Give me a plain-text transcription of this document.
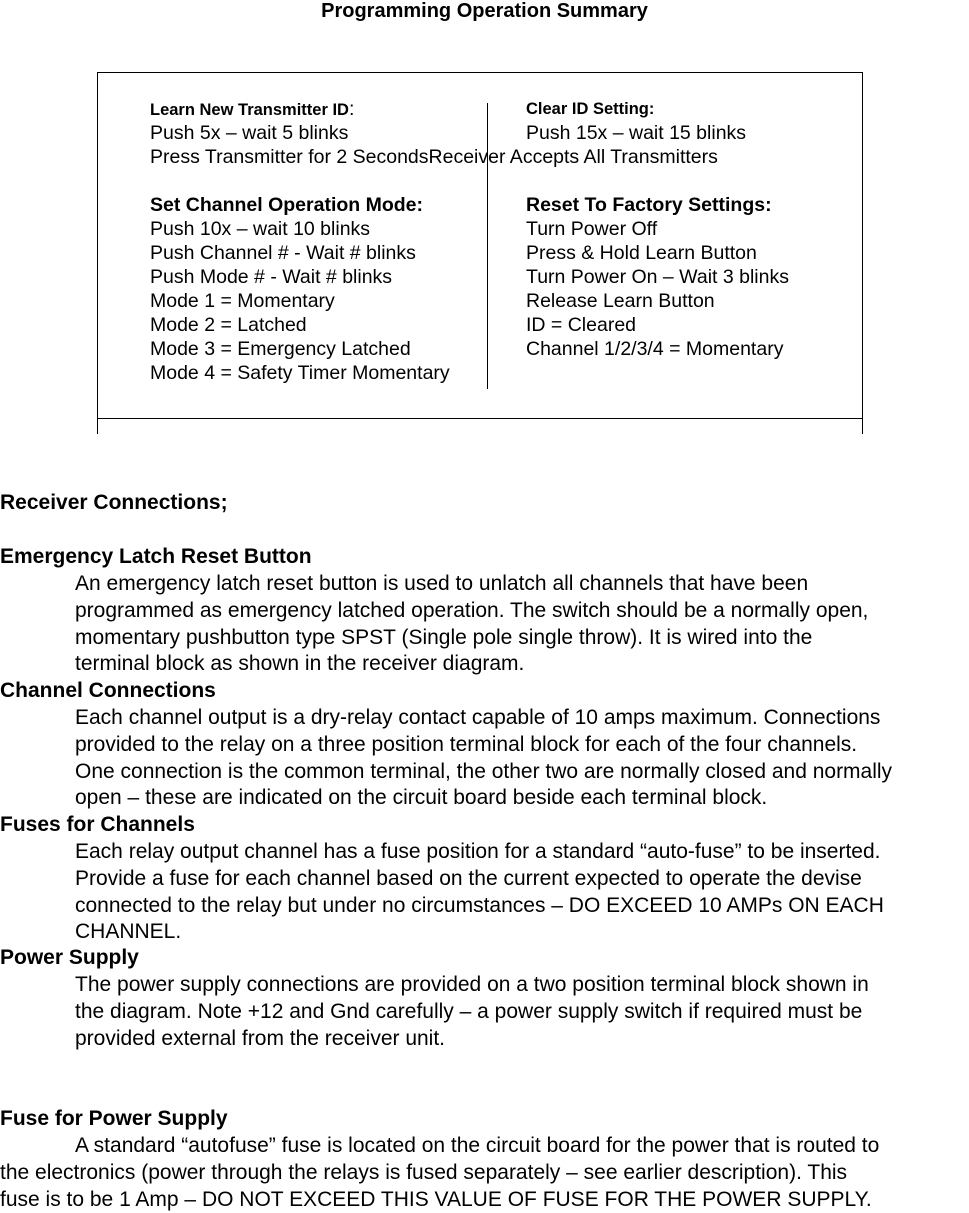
Programming Operation Summary
Learn New Transmitter ID:
Push 5x – wait 5 blinks
Set Channel Operation Mode:
Push 10x – wait 10 blinks
Push Channel # - Wait # blinks
Push Mode # - Wait # blinks
Mode 1 = Momentary
Mode 2 = Latched
Mode 3 = Emergency Latched
Mode 4 = Safety Timer Momentary
Press Transmitter for 2 SecondsReceiver Accepts All Transmitters
Clear ID Setting:
Push 15x – wait 15 blinks
Reset To Factory Settings:
Turn Power Off
Press & Hold Learn Button
Turn Power On – Wait 3 blinks
Release Learn Button
ID = Cleared
Channel 1/2/3/4 = Momentary
Receiver Connections;
Emergency Latch Reset Button
An emergency latch reset button is used to unlatch all channels that have been
programmed as emergency latched operation. The switch should be a normally open,
momentary pushbutton type SPST (Single pole single throw). It is wired into the
terminal block as shown in the receiver diagram.
Channel Connections
Each channel output is a dry-relay contact capable of 10 amps maximum. Connections
provided to the relay on a three position terminal block for each of the four channels.
One connection is the common terminal, the other two are normally closed and normally
open – these are indicated on the circuit board beside each terminal block.
Fuses for Channels
Each relay output channel has a fuse position for a standard “auto-fuse” to be inserted.
Provide a fuse for each channel based on the current expected to operate the devise
connected to the relay but under no circumstances – DO EXCEED 10 AMPs ON EACH
CHANNEL.
Power Supply
The power supply connections are provided on a two position terminal block shown in
the diagram. Note +12 and Gnd carefully – a power supply switch if required must be
provided external from the receiver unit.
Fuse for Power Supply
A standard “autofuse” fuse is located on the circuit board for the power that is routed to
the electronics (power through the relays is fused separately – see earlier description). This
fuse is to be 1 Amp – DO NOT EXCEED THIS VALUE OF FUSE FOR THE POWER SUPPLY.
